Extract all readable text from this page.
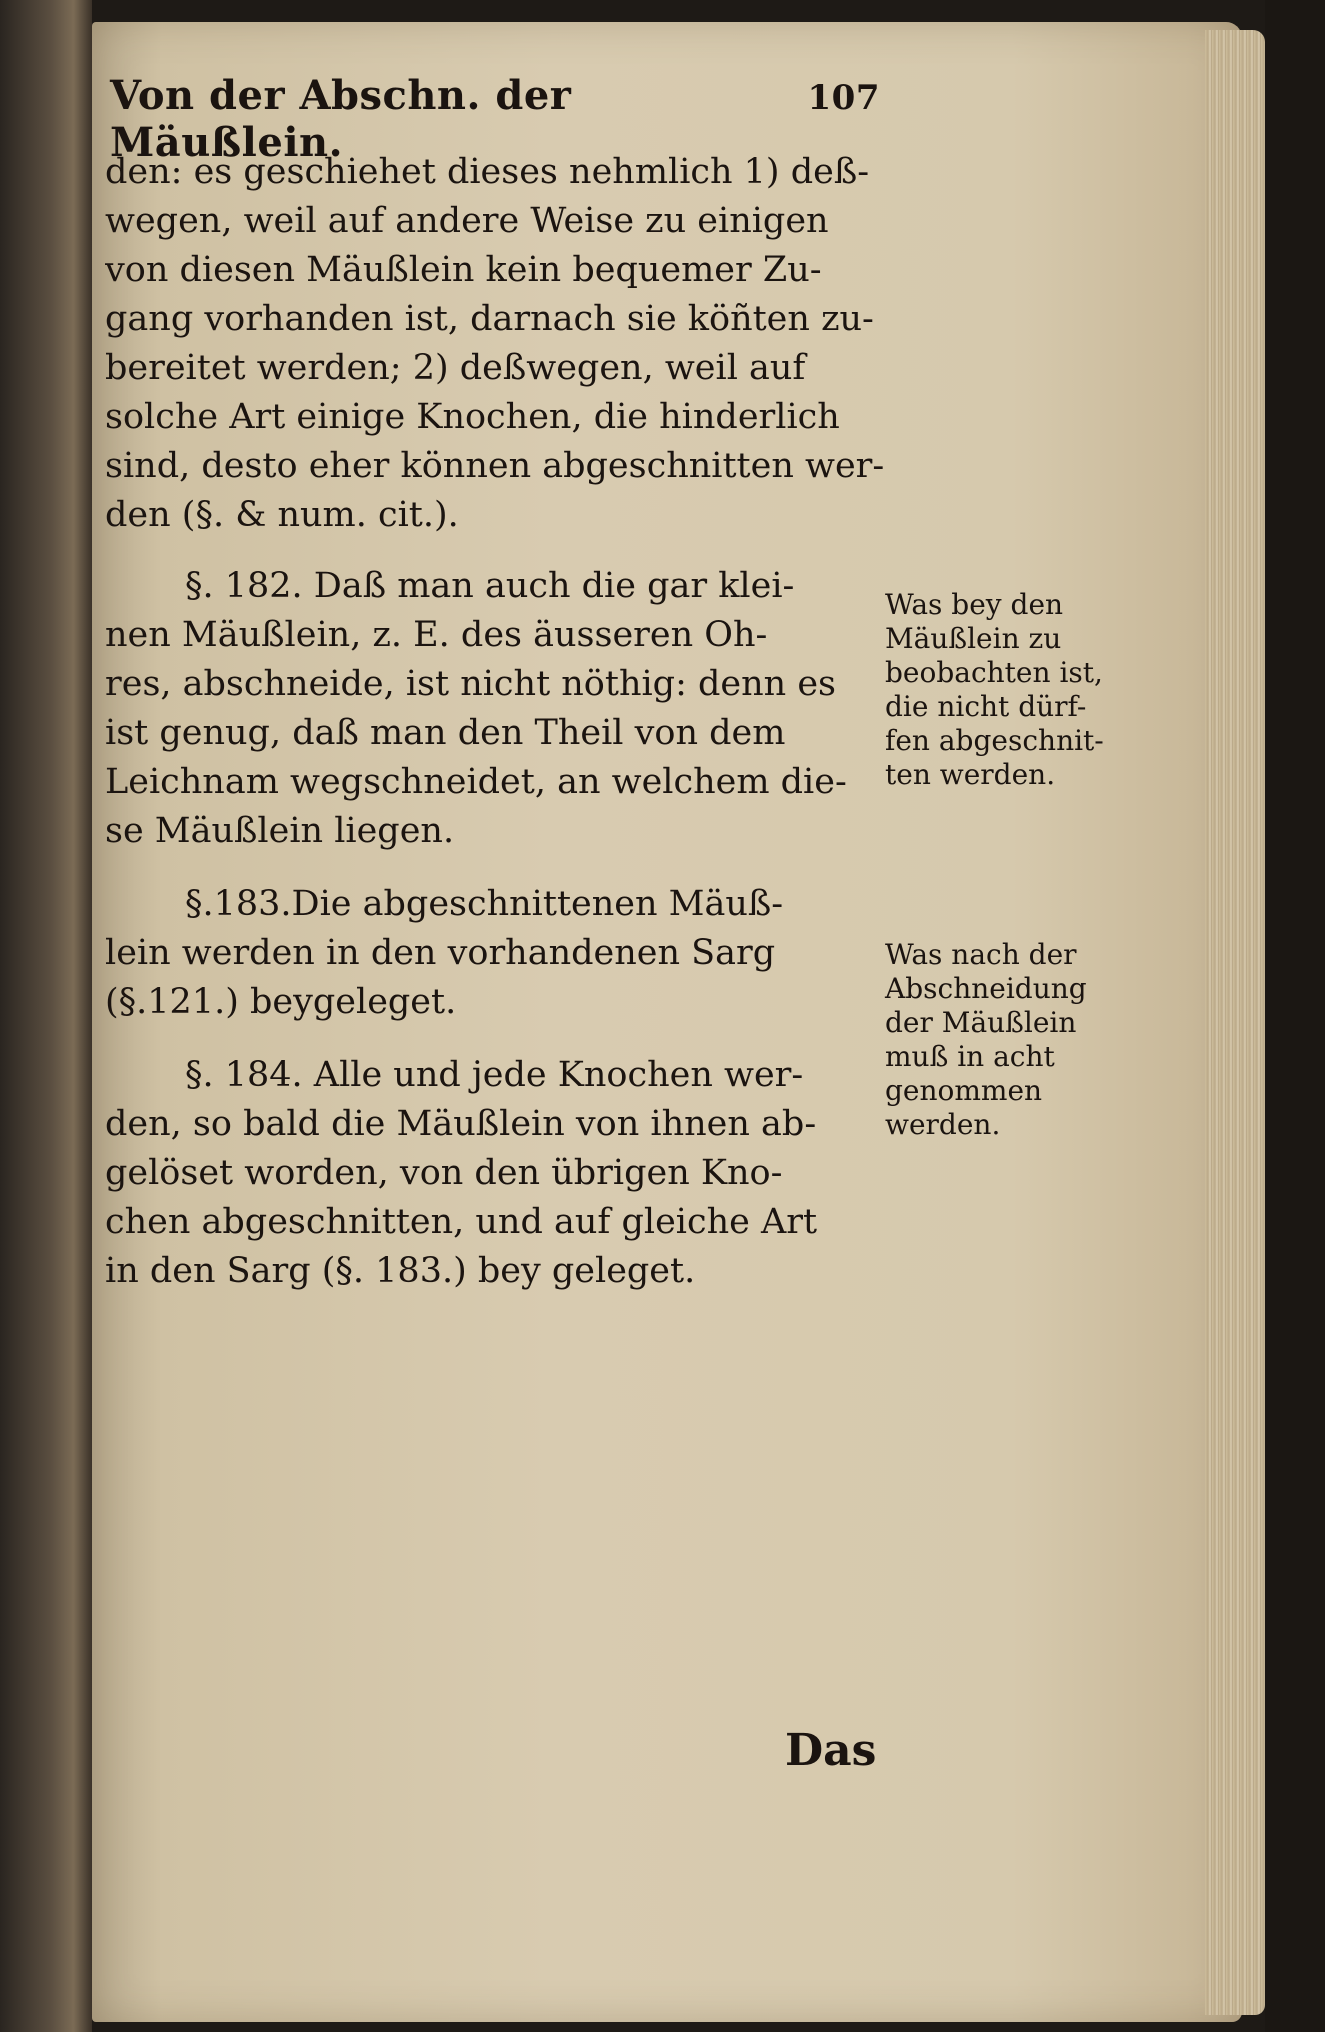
Von der Abschn. der Mäußlein.
107
den: es geschiehet dieses nehmlich 1) deß-
wegen, weil auf andere Weise zu einigen
von diesen Mäußlein kein bequemer Zu-
gang vorhanden ist, darnach sie köñten zu-
bereitet werden; 2) deßwegen, weil auf
solche Art einige Knochen, die hinderlich
sind, desto eher können abgeschnitten wer-
den (§. & num. cit.).
§. 182. Daß man auch die gar klei-
nen Mäußlein, z. E. des äusseren Oh-
res, abschneide, ist nicht nöthig: denn es
ist genug, daß man den Theil von dem
Leichnam wegschneidet, an welchem die-
se Mäußlein liegen.
§.183.Die abgeschnittenen Mäuß-
lein werden in den vorhandenen Sarg
(§.121.) beygeleget.
§. 184. Alle und jede Knochen wer-
den, so bald die Mäußlein von ihnen ab-
gelöset worden, von den übrigen Kno-
chen abgeschnitten, und auf gleiche Art
in den Sarg (§. 183.) bey geleget.
Was bey den
Mäußlein zu
beobachten ist,
die nicht dürf-
fen abgeschnit-
ten werden.
Was nach der
Abschneidung
der Mäußlein
muß in acht
genommen
werden.
Das
